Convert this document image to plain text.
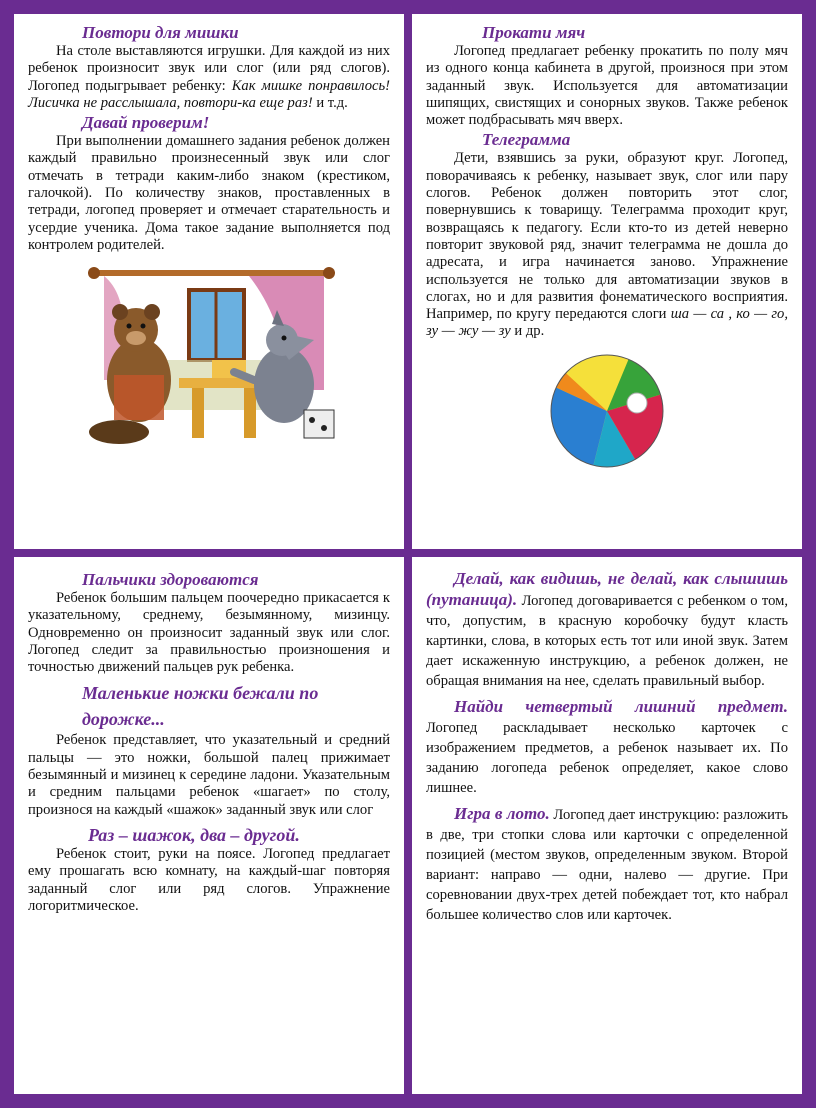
Повтори для мишки

На столе выставляются игрушки. Для каждой из них ребенок произносит звук или слог (или ряд слогов). Логопед подыгрывает ребенку: Как мишке понравилось! Лисичка не расслышала, повтори-ка еще раз! и т.д.

Давай проверим!

При выполнении домашнего задания ребенок должен каждый правильно произнесенный звук или слог отмечать в тетради каким-либо знаком (крестиком, галочкой). По количеству знаков, проставленных в тетради, логопед проверяет и отмечает старательность и усердие ученика. Дома такое задание выполняется под контролем родителей.

Прокати мяч

Логопед предлагает ребенку прокатить по полу мяч из одного конца кабинета в другой, произнося при этом заданный звук. Используется для автоматизации шипящих, свистящих и сонорных звуков. Также ребенок может подбрасывать мяч вверх.

Телеграмма

Дети, взявшись за руки, образуют круг. Логопед, поворачиваясь к ребенку, называет звук, слог или пару слогов. Ребенок должен повторить этот слог, повернувшись к товарищу. Телеграмма проходит круг, возвращаясь к педагогу. Если кто-то из детей неверно повторит звуковой ряд, значит телеграмма не дошла до адресата, и игра начинается заново. Упражнение используется не только для автоматизации звуков в слогах, но и для развития фонематического восприятия. Например, по кругу передаются слоги ша — са , ко — го, зу — жу — зу и др.

Пальчики здороваются

Ребенок большим пальцем поочередно прикасается к указательному, среднему, безымянному, мизинцу. Одновременно он произносит заданный звук или слог. Логопед следит за правильностью произношения и точностью движений пальцев рук ребенка.

Маленькие ножки бежали по дорожке...

Ребенок представляет, что указательный и средний пальцы — это ножки, большой палец прижимает безымянный и мизинец к середине ладони. Указательным и средним пальцами ребенок «шагает» по столу, произнося на каждый «шажок» заданный звук или слог

Раз – шажок, два – другой.

Ребенок стоит, руки на поясе. Логопед предлагает ему прошагать всю комнату, на каждый-шаг повторяя заданный слог или ряд слогов. Упражнение логоритмическое.

Делай, как видишь, не делай, как слышишь (путаница). Логопед договаривается с ребенком о том, что, допустим, в красную коробочку будут класть картинки, слова, в которых есть тот или иной звук. Затем дает искаженную инструкцию, а ребенок должен, не обращая внимания на нее, сделать правильный выбор.

Найди четвертый лишний предмет. Логопед раскладывает несколько карточек с изображением предметов, а ребенок называет их. По заданию логопеда ребенок определяет, какое слово лишнее.

Игра в лото. Логопед дает инструкцию: разложить в две, три стопки слова или карточки с определенной позицией (местом звуков, определенным звуком. Второй вариант: направо — одни, налево — другие. При соревновании двух-трех детей побеждает тот, кто набрал большее количество слов или карточек.
